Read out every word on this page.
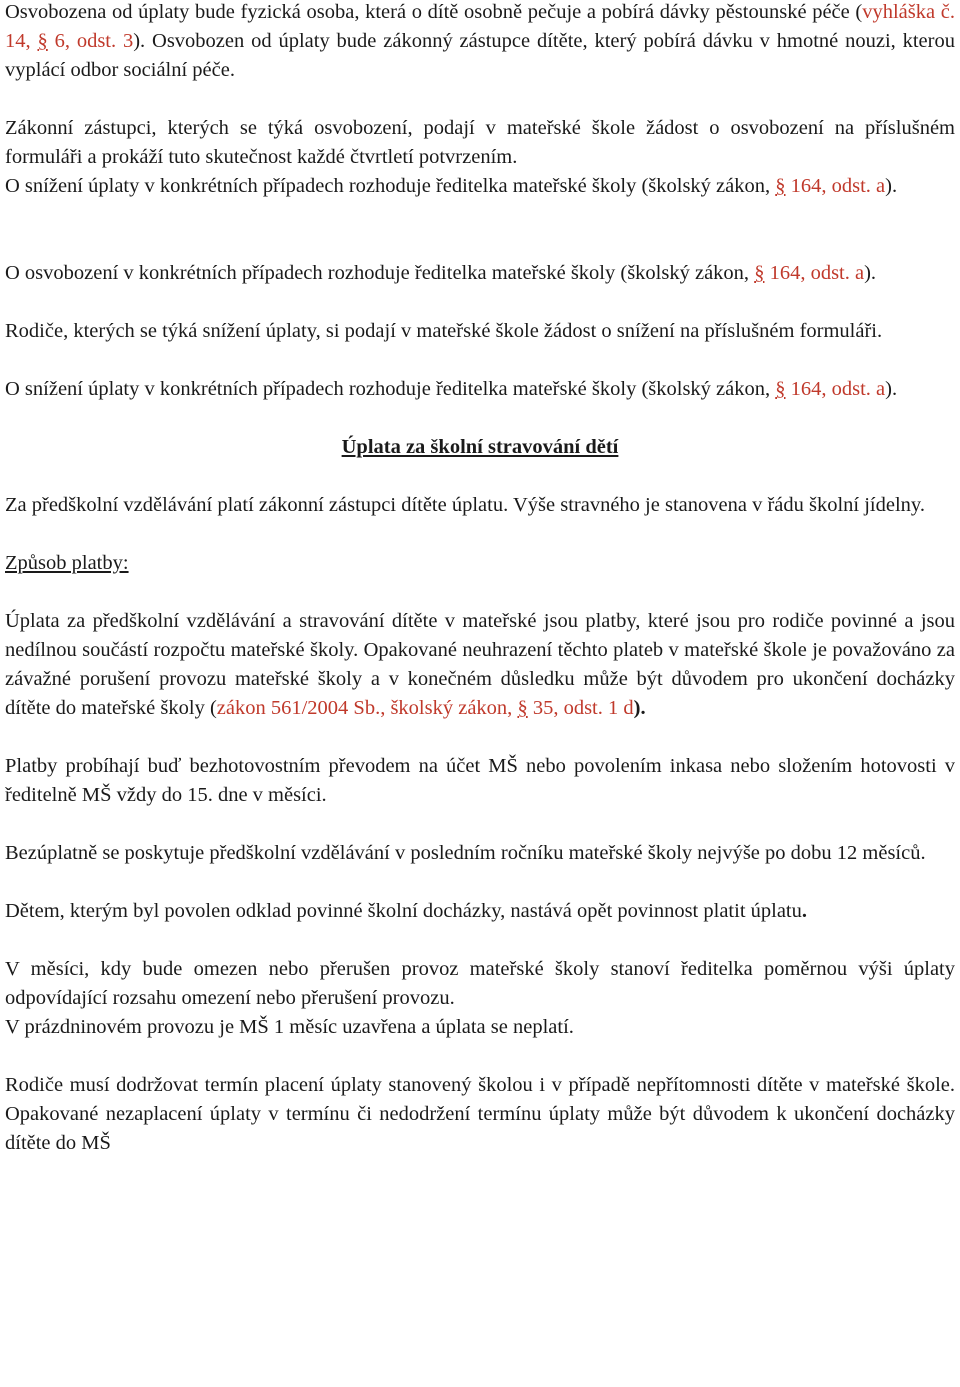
Osvobozena od úplaty bude fyzická osoba, která o dítě osobně pečuje a pobírá dávky pěstounské péče (vyhláška č. 14, § 6, odst. 3). Osvobozen od úplaty bude zákonný zástupce dítěte, který pobírá dávku v hmotné nouzi, kterou vyplácí odbor sociální péče.

Zákonní zástupci, kterých se týká osvobození, podají v mateřské škole žádost o osvobození na příslušném formuláři a prokáží tuto skutečnost každé čtvrtletí potvrzením.
O snížení úplaty v konkrétních případech rozhoduje ředitelka mateřské školy (školský zákon, § 164, odst. a).

O osvobození v konkrétních případech rozhoduje ředitelka mateřské školy (školský zákon, § 164, odst. a).

Rodiče, kterých se týká snížení úplaty, si podají v mateřské škole žádost o snížení na příslušném formuláři.

O snížení úplaty v konkrétních případech rozhoduje ředitelka mateřské školy (školský zákon, § 164, odst. a).

Úplata za školní stravování dětí

Za předškolní vzdělávání platí zákonní zástupci dítěte úplatu. Výše stravného je stanovena v řádu školní jídelny.

Způsob platby:

Úplata za předškolní vzdělávání a stravování dítěte v mateřské jsou platby, které jsou pro rodiče povinné a jsou nedílnou součástí rozpočtu mateřské školy. Opakované neuhrazení těchto plateb v mateřské škole je považováno za závažné porušení provozu mateřské školy a v konečném důsledku může být důvodem pro ukončení docházky dítěte do mateřské školy (zákon 561/2004 Sb., školský zákon, § 35, odst. 1 d).

Platby probíhají buď bezhotovostním převodem na účet MŠ nebo povolením inkasa nebo složením hotovosti v ředitelně MŠ vždy do 15. dne v měsíci.

Bezúplatně se poskytuje předškolní vzdělávání v posledním ročníku mateřské školy nejvýše po dobu 12 měsíců.

Dětem, kterým byl povolen odklad povinné školní docházky, nastává opět povinnost platit úplatu.

V měsíci, kdy bude omezen nebo přerušen provoz mateřské školy stanoví ředitelka poměrnou výši úplaty odpovídající rozsahu omezení nebo přerušení provozu.
V prázdninovém provozu je MŠ 1 měsíc uzavřena a úplata se neplatí.

Rodiče musí dodržovat termín placení úplaty stanovený školou i v případě nepřítomnosti dítěte v mateřské škole. Opakované nezaplacení úplaty v termínu či nedodržení termínu úplaty může být důvodem k ukončení docházky dítěte do MŠ
